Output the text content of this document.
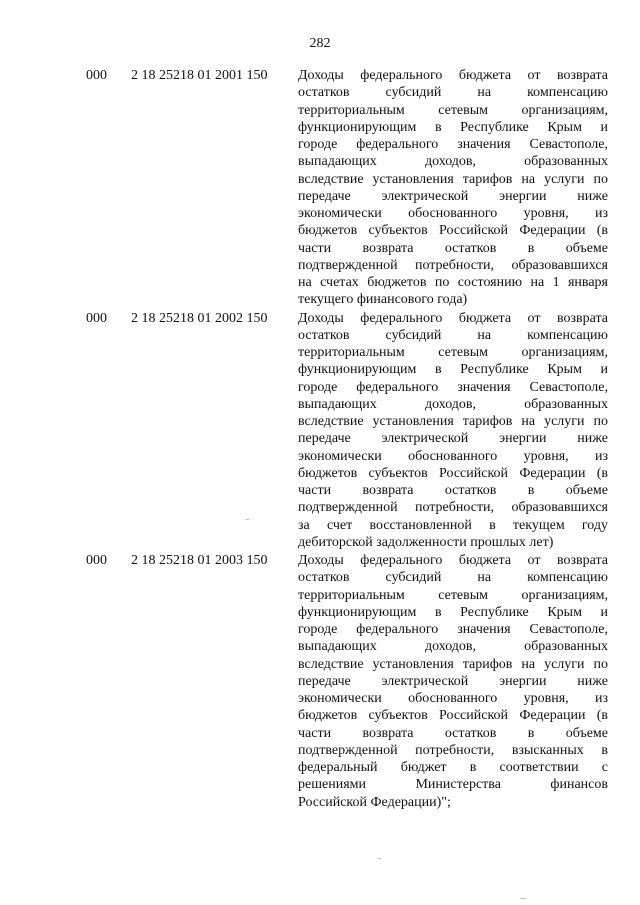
282
000 2 18 25218 01 2001 150 Доходы федерального бюджета от возврата
остатков субсидий на компенсацию
территориальным сетевым организациям,
функционирующим в Республике Крым и
городе федерального значения Севастополе,
выпадающих доходов, образованных
вследствие установления тарифов на услуги по
передаче электрической энергии ниже
экономически обоснованного уровня, из
бюджетов субъектов Российской Федерации (в
части возврата остатков в объеме
подтвержденной потребности, образовавшихся
на счетах бюджетов по состоянию на 1 января
текущего финансового года)
000 2 18 25218 01 2002 150 Доходы федерального бюджета от возврата
остатков субсидий на компенсацию
территориальным сетевым организациям,
функционирующим в Республике Крым и
городе федерального значения Севастополе,
выпадающих доходов, образованных
вследствие установления тарифов на услуги по
передаче электрической энергии ниже
экономически обоснованного уровня, из
бюджетов субъектов Российской Федерации (в
части возврата остатков в объеме
подтвержденной потребности, образовавшихся
за счет восстановленной в текущем году
дебиторской задолженности прошлых лет)
000 2 18 25218 01 2003 150 Доходы федерального бюджета от возврата
остатков субсидий на компенсацию
территориальным сетевым организациям,
функционирующим в Республике Крым и
городе федерального значения Севастополе,
выпадающих доходов, образованных
вследствие установления тарифов на услуги по
передаче электрической энергии ниже
экономически обоснованного уровня, из
бюджетов субъектов Российской Федерации (в
части возврата остатков в объеме
подтвержденной потребности, взысканных в
федеральный бюджет в соответствии с
решениями Министерства финансов
Российской Федерации)";
